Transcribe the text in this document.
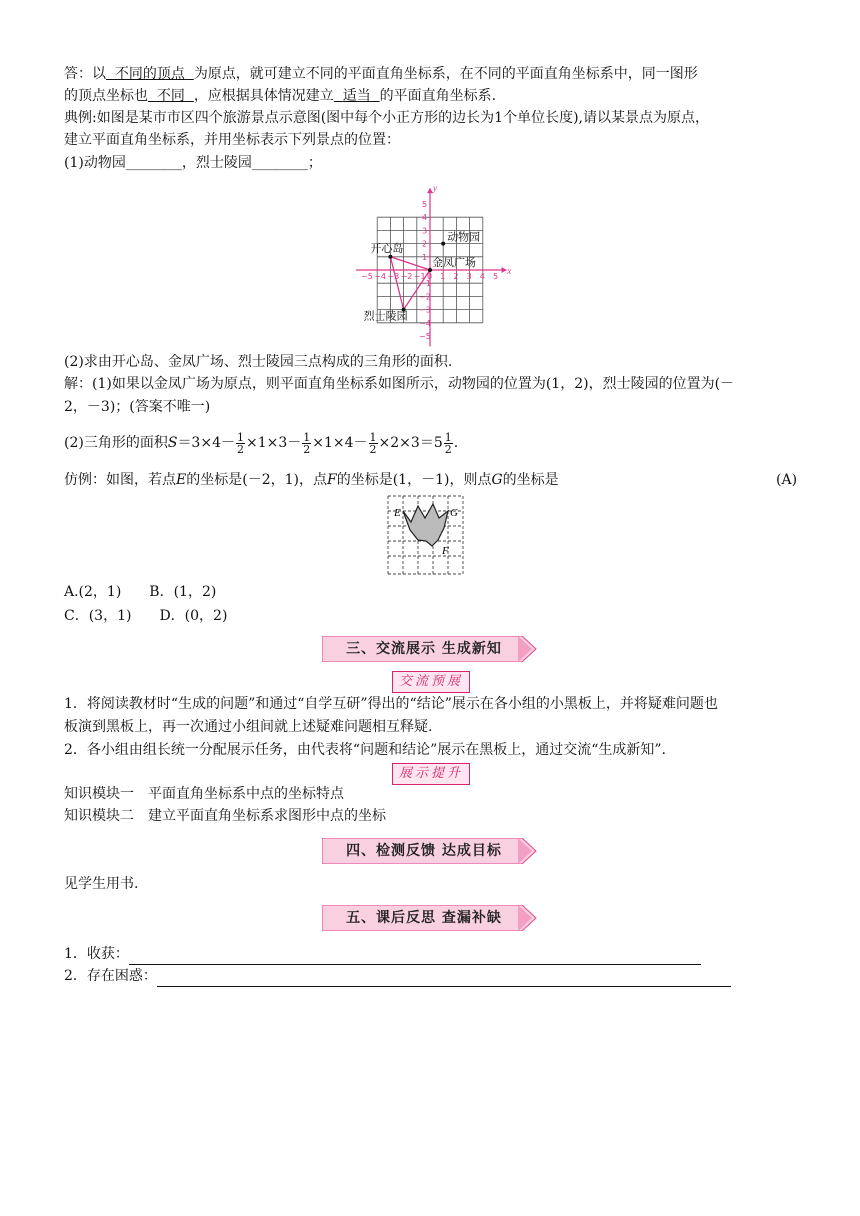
答：以 不同的顶点 为原点，就可建立不同的平面直角坐标系，在不同的平面直角坐标系中，同一图形
的顶点坐标也 不同 ，应根据具体情况建立 适当 的平面直角坐标系.
典例:如图是某市市区四个旅游景点示意图(图中每个小正方形的边长为1个单位长度),请以某景点为原点，
建立平面直角坐标系，并用坐标表示下列景点的位置：
(1)动物园________，烈士陵园________；
x
y
−5 −4 −3 −2 −1 0 1 2 3 4 5
5
4
3
2
1
−1
−2
−3
−4
−5
动物园
开心岛
金凤广场
烈士陵园
(2)求由开心岛、金凤广场、烈士陵园三点构成的三角形的面积.
解：(1)如果以金凤广场为原点，则平面直角坐标系如图所示，动物园的位置为(1，2)，烈士陵园的位置为(－
2，－3)；(答案不唯一)
(2)三角形的面积$S=3\times 4- \frac{1}{2} \times 1\times 3- \frac{1}{2} \times 1\times 4- \frac{1}{2} \times 2\times 3=5 \frac{1}{2}$ .
仿例：如图，若点E的坐标是(－2，1)，点F的坐标是(1，－1)，则点G的坐标是	(A)
E	G
F
A.(2，1)　　B．(1，2)
C．(3，1)　　D．(0，2)
三、交流展示 生成新知
交流预展
1．将阅读教材时“生成的问题”和通过“自学互研”得出的“结论”展示在各小组的小黑板上，并将疑难问题也
板演到黑板上，再一次通过小组间就上述疑难问题相互释疑.
2．各小组由组长统一分配展示任务，由代表将“问题和结论”展示在黑板上，通过交流“生成新知”.
展示提升
知识模块一　平面直角坐标系中点的坐标特点
知识模块二　建立平面直角坐标系求图形中点的坐标
四、检测反馈 达成目标
见学生用书.
五、课后反思 查漏补缺
1．收获：
2．存在困惑：
